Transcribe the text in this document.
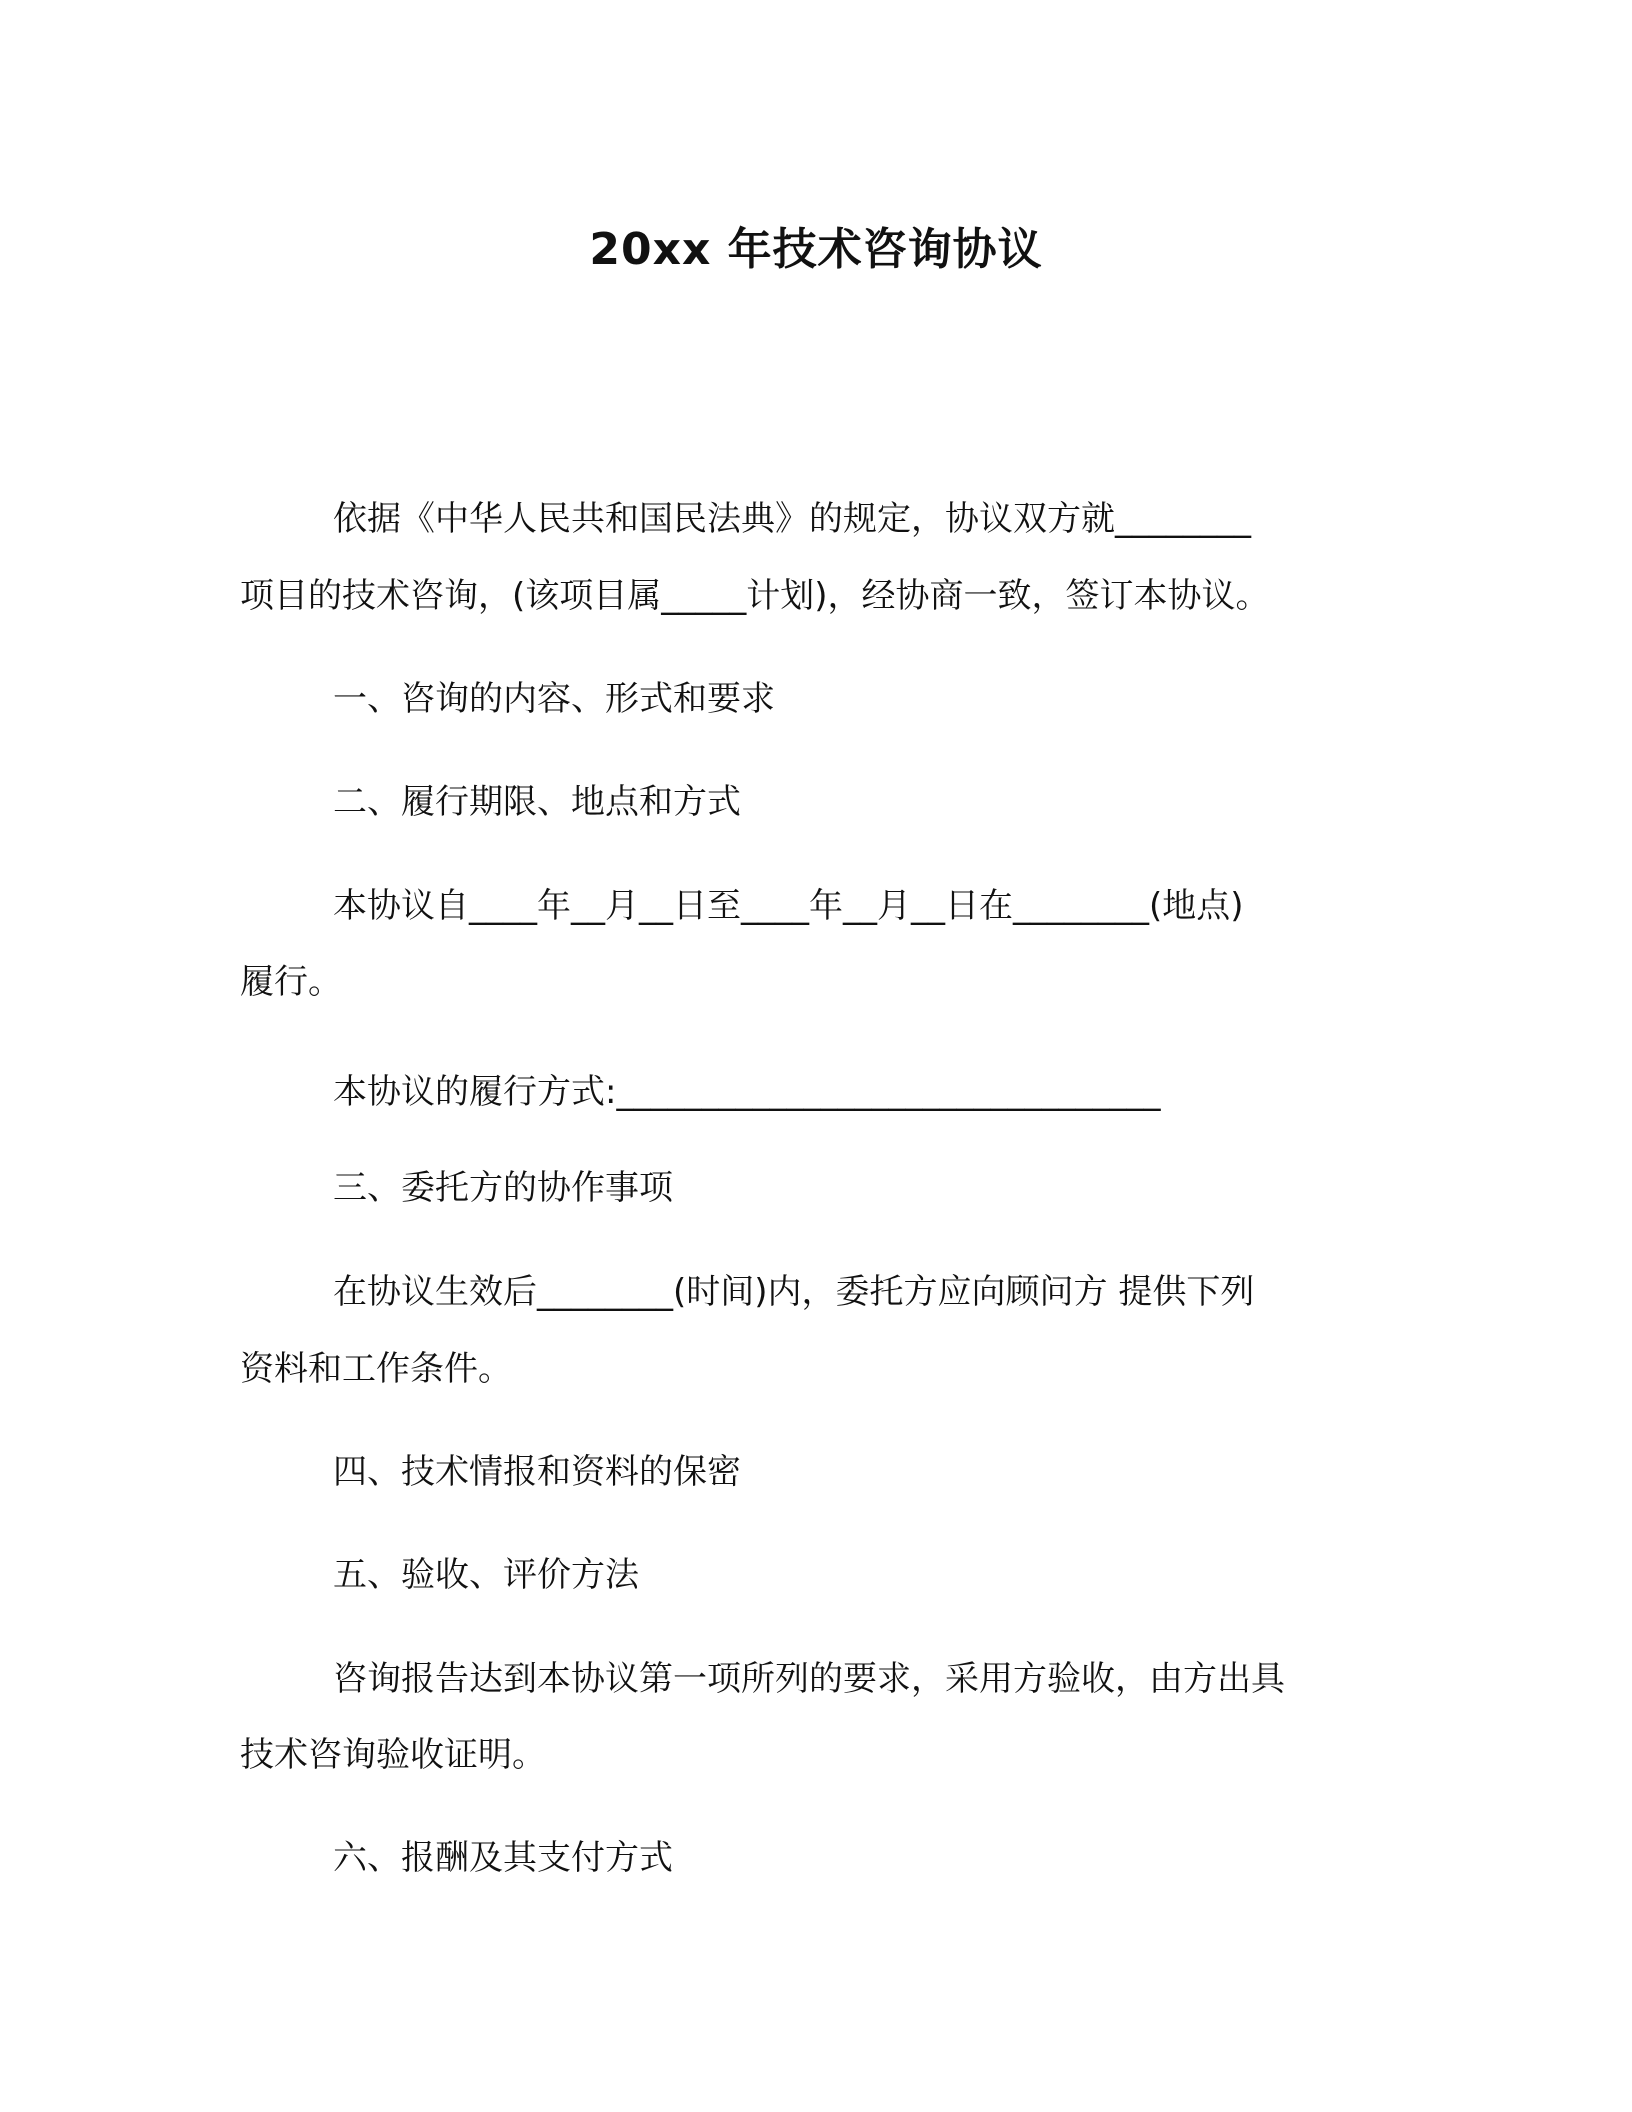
20xx 年技术咨询协议
依据《中华人民共和国民法典》的规定，协议双方就________
项目的技术咨询，(该项目属_____计划)，经协商一致，签订本协议。
一、咨询的内容、形式和要求
二、履行期限、地点和方式
本协议自____年__月__日至____年__月__日在________(地点)
履行。
本协议的履行方式:________________________________
三、委托方的协作事项
在协议生效后________(时间)内，委托方应向顾问方 提供下列
资料和工作条件。
四、技术情报和资料的保密
五、验收、评价方法
咨询报告达到本协议第一项所列的要求，采用方验收，由方出具
技术咨询验收证明。
六、报酬及其支付方式
